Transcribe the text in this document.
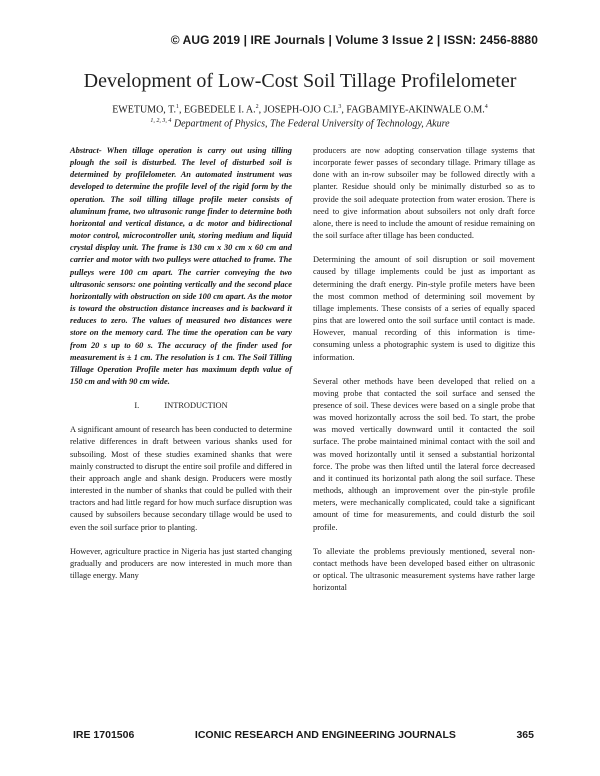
© AUG 2019 | IRE Journals | Volume 3 Issue 2 | ISSN: 2456-8880
Development of Low-Cost Soil Tillage Profilelometer
EWETUMO, T.$^1$, EGBEDELE I. A.$^2$, JOSEPH-OJO C.I.$^3$, FAGBAMIYE-AKINWALE O.M.$^4$
$^{1, 2, 3, 4}$ Department of Physics, The Federal University of Technology, Akure

Abstract- When tillage operation is carry out using tilling plough the soil is disturbed. The level of disturbed soil is determined by profilelometer. An automated instrument was developed to determine the profile level of the rigid form by the operation. The soil tilling tillage profile meter consists of aluminum frame, two ultrasonic range finder to determine both horizontal and vertical distance, a dc motor and bidirectional motor control, microcontroller unit, storing medium and liquid crystal display unit. The frame is 130 cm x 30 cm x 60 cm and carrier and motor with two pulleys were attached to frame. The pulleys were 100 cm apart. The carrier conveying the two ultrasonic sensors: one pointing vertically and the second place horizontally with obstruction on side 100 cm apart. As the motor is toward the obstruction distance increases and is backward it reduces to zero. The values of measured two distances were store on the memory card. The time the operation can be vary from 20 s up to 60 s. The accuracy of the finder used for measurement is ± 1 cm. The resolution is 1 cm. The Soil Tilling Tillage Operation Profile meter has maximum depth value of 150 cm and with 90 cm wide.

I.            INTRODUCTION

A significant amount of research has been conducted to determine relative differences in draft between various shanks used for subsoiling. Most of these studies examined shanks that were mainly constructed to disrupt the entire soil profile and differed in their approach angle and shank design. Producers were mostly interested in the number of shanks that could be pulled with their tractors and had little regard for how much surface disruption was caused by subsoilers because secondary tillage would be used to even the soil surface prior to planting.

However, agriculture practice in Nigeria has just started changing gradually and producers are now interested in much more than tillage energy. Many

producers are now adopting conservation tillage systems that incorporate fewer passes of secondary tillage. Primary tillage as done with an in-row subsoiler may be followed directly with a planter. Residue should only be minimally disturbed so as to provide the soil adequate protection from water erosion. There is need to give information about subsoilers not only draft force alone, there is need to include the amount of residue remaining on the soil surface after tillage has been conducted.

Determining the amount of soil disruption or soil movement caused by tillage implements could be just as important as determining the draft energy. Pin-style profile meters have been the most common method of determining soil movement by tillage implements. These consists of a series of equally spaced pins that are lowered onto the soil surface until contact is made. However, manual recording of this information is time-consuming unless a photographic system is used to digitize this information.

Several other methods have been developed that relied on a moving probe that contacted the soil surface and sensed the presence of soil. These devices were based on a single probe that was moved horizontally across the soil bed. To start, the probe was moved vertically downward until it contacted the soil surface. The probe maintained minimal contact with the soil and was moved horizontally until it sensed a substantial horizontal force. The probe was then lifted until the lateral force decreased and it continued its horizontal path along the soil surface. These methods, although an improvement over the pin-style profile meters, were mechanically complicated, could take a significant amount of time for measurements, and could disturb the soil profile.

To alleviate the problems previously mentioned, several non-contact methods have been developed based either on ultrasonic or optical. The ultrasonic measurement systems have rather large horizontal

IRE 1701506	ICONIC RESEARCH AND ENGINEERING JOURNALS	365
